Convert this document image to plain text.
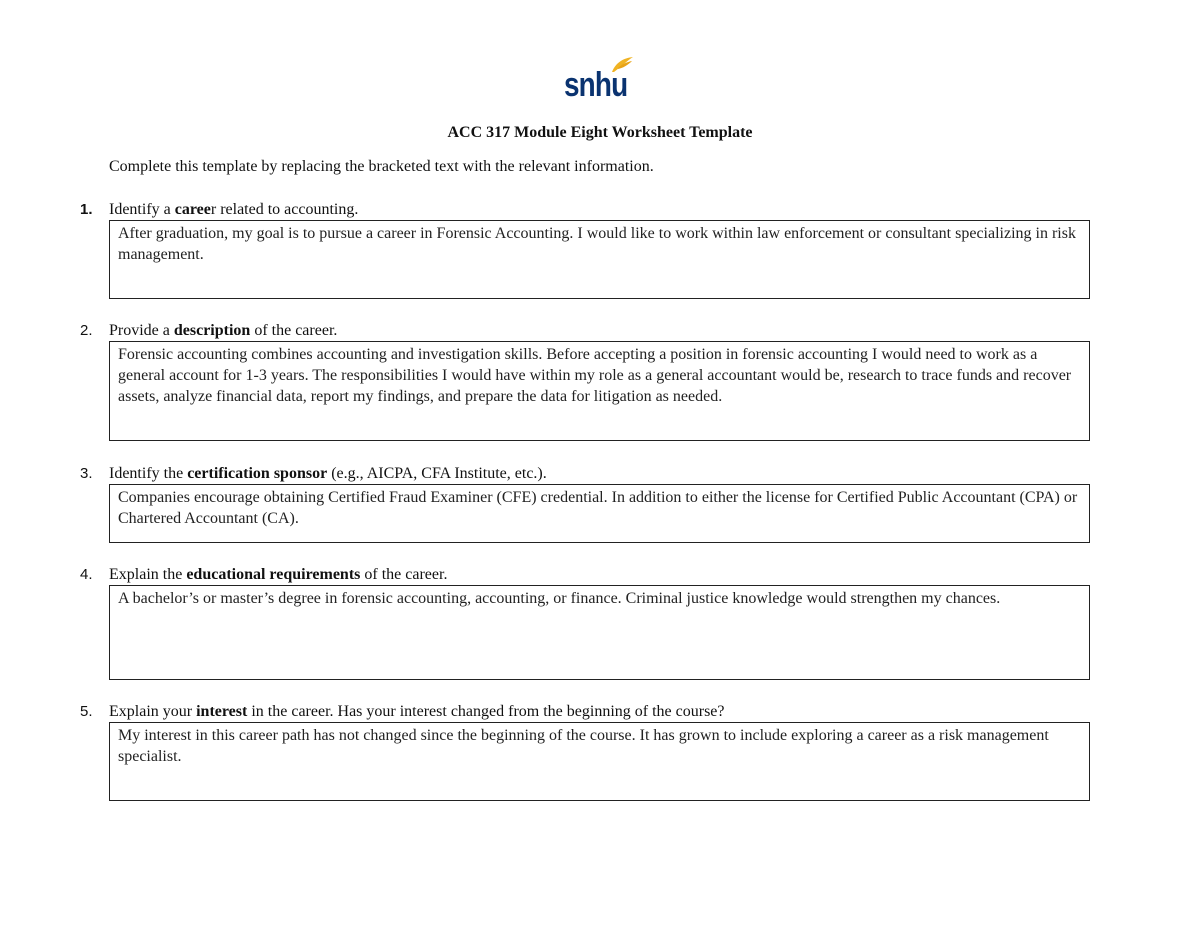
snhu
ACC 317 Module Eight Worksheet Template
Complete this template by replacing the bracketed text with the relevant information.
1. Identify a career related to accounting.
After graduation, my goal is to pursue a career in Forensic Accounting. I would like to work within law enforcement or consultant specializing in risk management.
2. Provide a description of the career.
Forensic accounting combines accounting and investigation skills. Before accepting a position in forensic accounting I would need to work as a general account for 1-3 years. The responsibilities I would have within my role as a general accountant would be, research to trace funds and recover assets, analyze financial data, report my findings, and prepare the data for litigation as needed.
3. Identify the certification sponsor (e.g., AICPA, CFA Institute, etc.).
Companies encourage obtaining Certified Fraud Examiner (CFE) credential. In addition to either the license for Certified Public Accountant (CPA) or Chartered Accountant (CA).
4. Explain the educational requirements of the career.
A bachelor’s or master’s degree in forensic accounting, accounting, or finance. Criminal justice knowledge would strengthen my chances.
5. Explain your interest in the career. Has your interest changed from the beginning of the course?
My interest in this career path has not changed since the beginning of the course. It has grown to include exploring a career as a risk management specialist.
